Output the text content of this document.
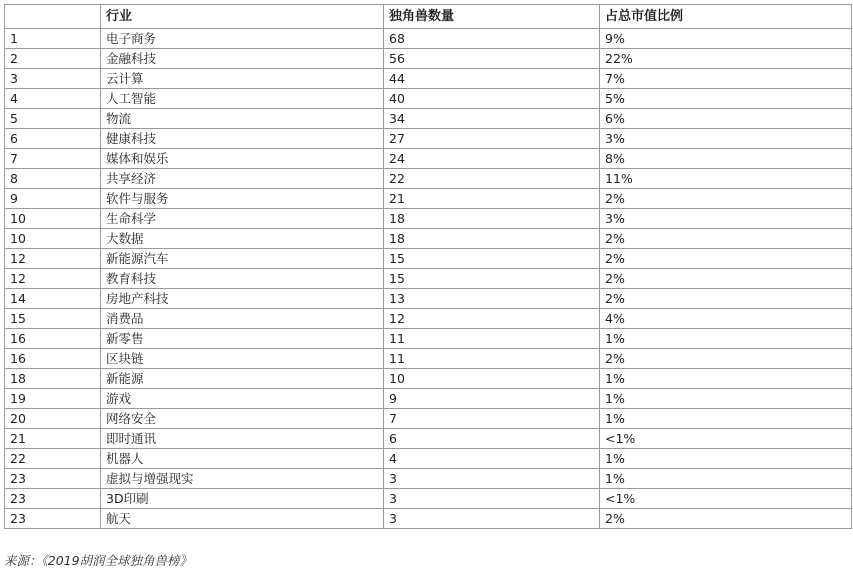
	行业	独角兽数量	占总市值比例
1	电子商务	68	9%
2	金融科技	56	22%
3	云计算	44	7%
4	人工智能	40	5%
5	物流	34	6%
6	健康科技	27	3%
7	媒体和娱乐	24	8%
8	共享经济	22	11%
9	软件与服务	21	2%
10	生命科学	18	3%
10	大数据	18	2%
12	新能源汽车	15	2%
12	教育科技	15	2%
14	房地产科技	13	2%
15	消费品	12	4%
16	新零售	11	1%
16	区块链	11	2%
18	新能源	10	1%
19	游戏	9	1%
20	网络安全	7	1%
21	即时通讯	6	<1%
22	机器人	4	1%
23	虚拟与增强现实	3	1%
23	3D印刷	3	<1%
23	航天	3	2%
来源：《2019胡润全球独角兽榜》
